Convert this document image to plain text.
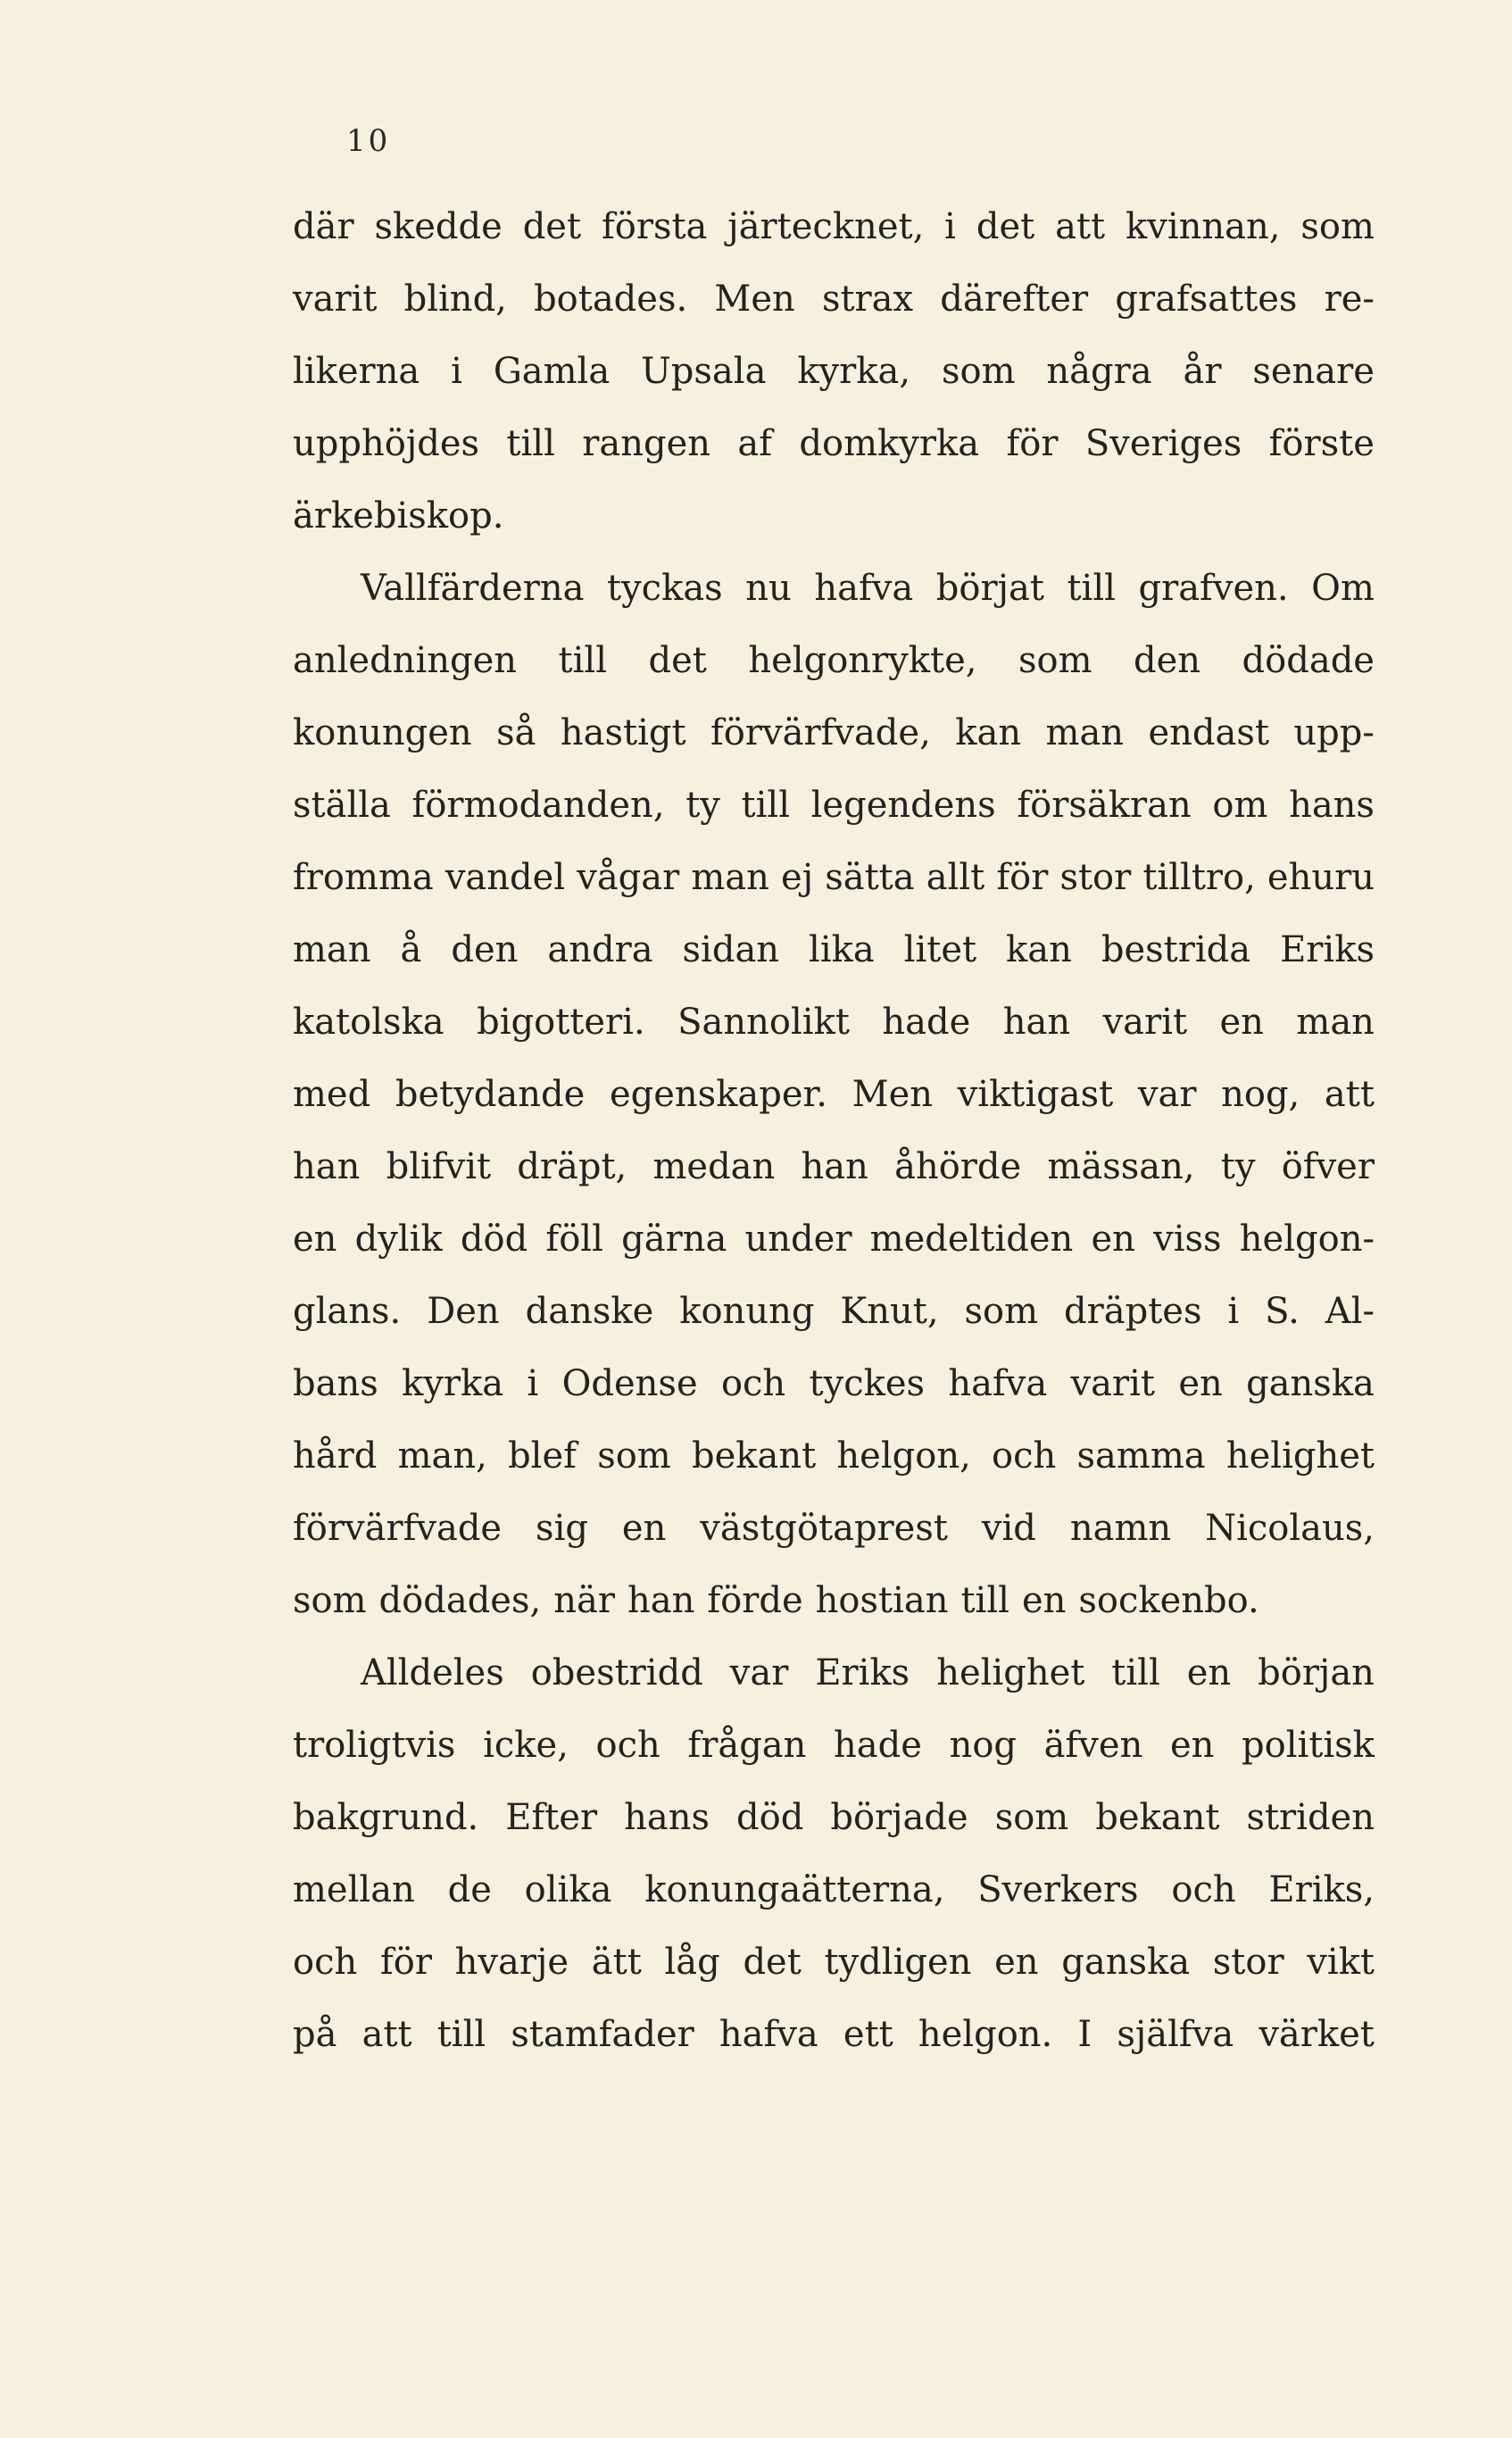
10
där skedde det första järtecknet, i det att kvinnan, som
varit blind, botades. Men strax därefter grafsattes re-
likerna i Gamla Upsala kyrka, som några år senare
upphöjdes till rangen af domkyrka för Sveriges förste
ärkebiskop.
Vallfärderna tyckas nu hafva börjat till grafven. Om
anledningen till det helgonrykte, som den dödade
konungen så hastigt förvärfvade, kan man endast upp-
ställa förmodanden, ty till legendens försäkran om hans
fromma vandel vågar man ej sätta allt för stor tilltro, ehuru
man å den andra sidan lika litet kan bestrida Eriks
katolska bigotteri. Sannolikt hade han varit en man
med betydande egenskaper. Men viktigast var nog, att
han blifvit dräpt, medan han åhörde mässan, ty öfver
en dylik död föll gärna under medeltiden en viss helgon-
glans. Den danske konung Knut, som dräptes i S. Al-
bans kyrka i Odense och tyckes hafva varit en ganska
hård man, blef som bekant helgon, och samma helighet
förvärfvade sig en västgötaprest vid namn Nicolaus,
som dödades, när han förde hostian till en sockenbo.
Alldeles obestridd var Eriks helighet till en början
troligtvis icke, och frågan hade nog äfven en politisk
bakgrund. Efter hans död började som bekant striden
mellan de olika konungaätterna, Sverkers och Eriks,
och för hvarje ätt låg det tydligen en ganska stor vikt
på att till stamfader hafva ett helgon. I själfva värket
